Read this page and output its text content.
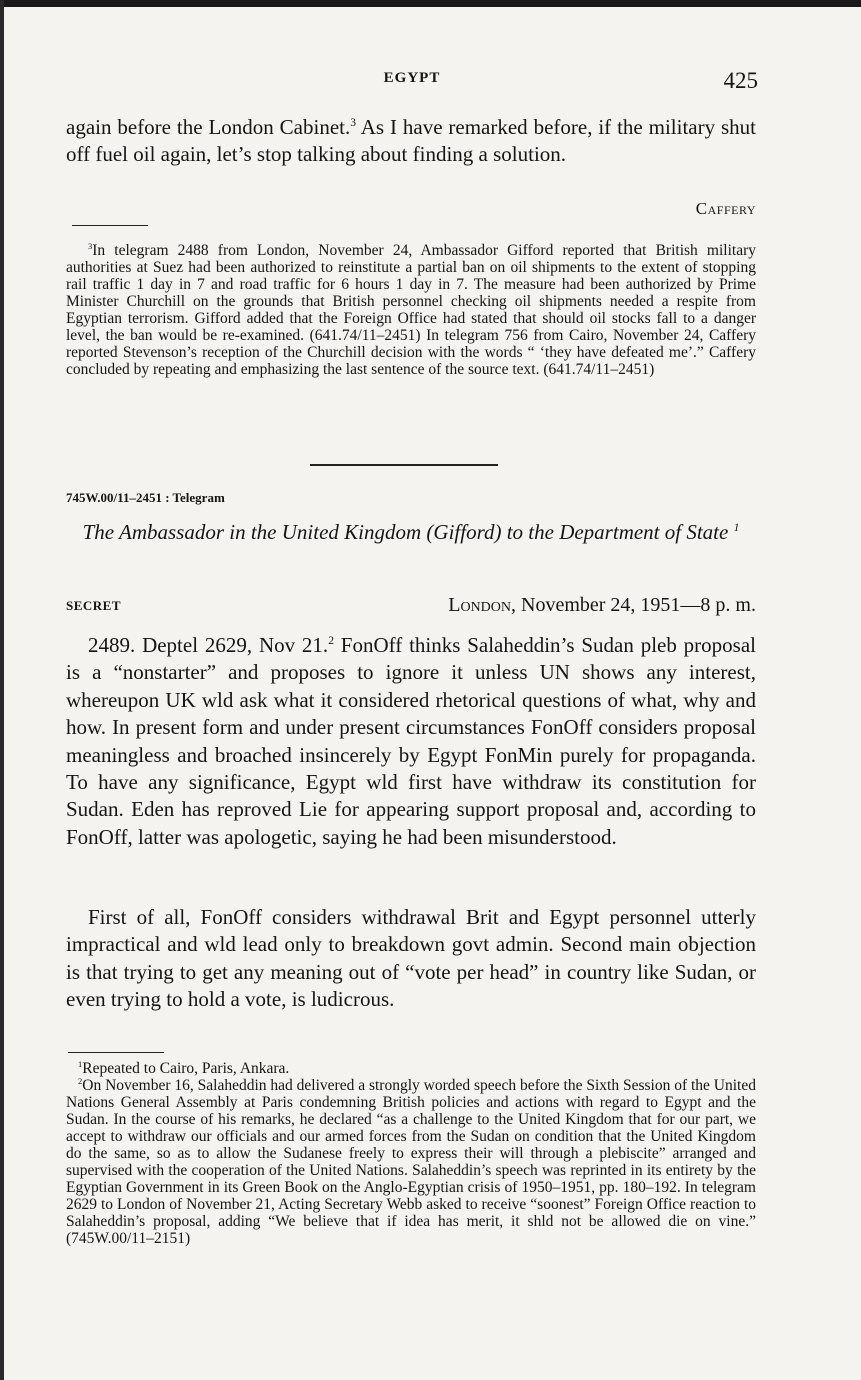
EGYPT	425

again before the London Cabinet.$^3$ As I have remarked before, if the military shut off fuel oil again, let’s stop talking about finding a solution.

Caffery

$^3$In telegram 2488 from London, November 24, Ambassador Gifford reported that British military authorities at Suez had been authorized to reinstitute a partial ban on oil shipments to the extent of stopping rail traffic 1 day in 7 and road traffic for 6 hours 1 day in 7. The measure had been authorized by Prime Minister Churchill on the grounds that British personnel checking oil shipments needed a respite from Egyptian terrorism. Gifford added that the Foreign Office had stated that should oil stocks fall to a danger level, the ban would be re-examined. (641.74/11–2451) In telegram 756 from Cairo, November 24, Caffery reported Stevenson’s reception of the Churchill decision with the words “ ‘they have defeated me’.” Caffery concluded by repeating and emphasizing the last sentence of the source text. (641.74/11–2451)

745W.00/11–2451 : Telegram
The Ambassador in the United Kingdom (Gifford) to the Department of State $^1$
SECRET	London, November 24, 1951—8 p. m.

2489. Deptel 2629, Nov 21.$^2$ FonOff thinks Salaheddin’s Sudan pleb proposal is a “nonstarter” and proposes to ignore it unless UN shows any interest, whereupon UK wld ask what it considered rhetorical questions of what, why and how. In present form and under present circumstances FonOff considers proposal meaningless and broached insincerely by Egypt FonMin purely for propaganda. To have any significance, Egypt wld first have withdraw its constitution for Sudan. Eden has reproved Lie for appearing support proposal and, according to FonOff, latter was apologetic, saying he had been misunderstood.

First of all, FonOff considers withdrawal Brit and Egypt personnel utterly impractical and wld lead only to breakdown govt admin. Second main objection is that trying to get any meaning out of “vote per head” in country like Sudan, or even trying to hold a vote, is ludicrous.

$^1$Repeated to Cairo, Paris, Ankara.

$^2$On November 16, Salaheddin had delivered a strongly worded speech before the Sixth Session of the United Nations General Assembly at Paris condemning British policies and actions with regard to Egypt and the Sudan. In the course of his remarks, he declared “as a challenge to the United Kingdom that for our part, we accept to withdraw our officials and our armed forces from the Sudan on condition that the United Kingdom do the same, so as to allow the Sudanese freely to express their will through a plebiscite” arranged and supervised with the cooperation of the United Nations. Salaheddin’s speech was reprinted in its entirety by the Egyptian Government in its Green Book on the Anglo-Egyptian crisis of 1950–1951, pp. 180–192. In telegram 2629 to London of November 21, Acting Secretary Webb asked to receive “soonest” Foreign Office reaction to Salaheddin’s proposal, adding “We believe that if idea has merit, it shld not be allowed die on vine.” (745W.00/11–2151)
